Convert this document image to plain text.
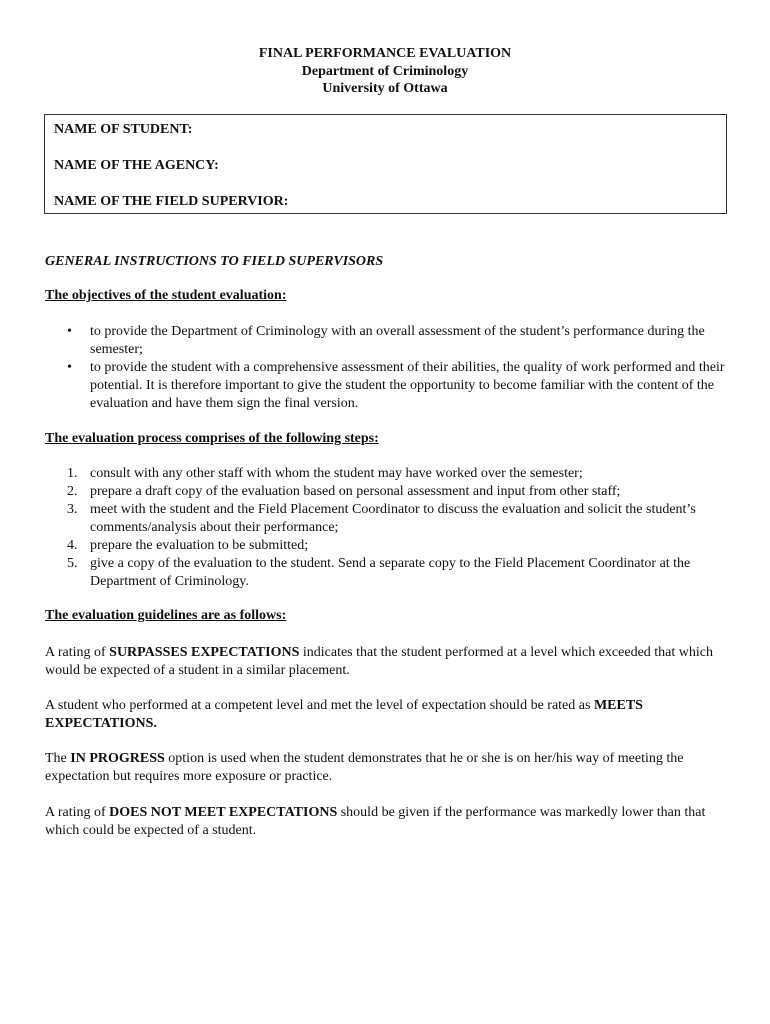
FINAL PERFORMANCE EVALUATION
Department of Criminology
University of Ottawa
NAME OF STUDENT:
NAME OF THE AGENCY:
NAME OF THE FIELD SUPERVIOR:
GENERAL INSTRUCTIONS TO FIELD SUPERVISORS
The objectives of the student evaluation:
• to provide the Department of Criminology with an overall assessment of the student’s performance during the semester;
• to provide the student with a comprehensive assessment of their abilities, the quality of work performed and their potential. It is therefore important to give the student the opportunity to become familiar with the content of the evaluation and have them sign the final version.
The evaluation process comprises of the following steps:
1. consult with any other staff with whom the student may have worked over the semester;
2. prepare a draft copy of the evaluation based on personal assessment and input from other staff;
3. meet with the student and the Field Placement Coordinator to discuss the evaluation and solicit the student’s comments/analysis about their performance;
4. prepare the evaluation to be submitted;
5. give a copy of the evaluation to the student. Send a separate copy to the Field Placement Coordinator at the Department of Criminology.
The evaluation guidelines are as follows:
A rating of SURPASSES EXPECTATIONS indicates that the student performed at a level which exceeded that which would be expected of a student in a similar placement.
A student who performed at a competent level and met the level of expectation should be rated as MEETS EXPECTATIONS.
The IN PROGRESS option is used when the student demonstrates that he or she is on her/his way of meeting the expectation but requires more exposure or practice.
A rating of DOES NOT MEET EXPECTATIONS should be given if the performance was markedly lower than that which could be expected of a student.
